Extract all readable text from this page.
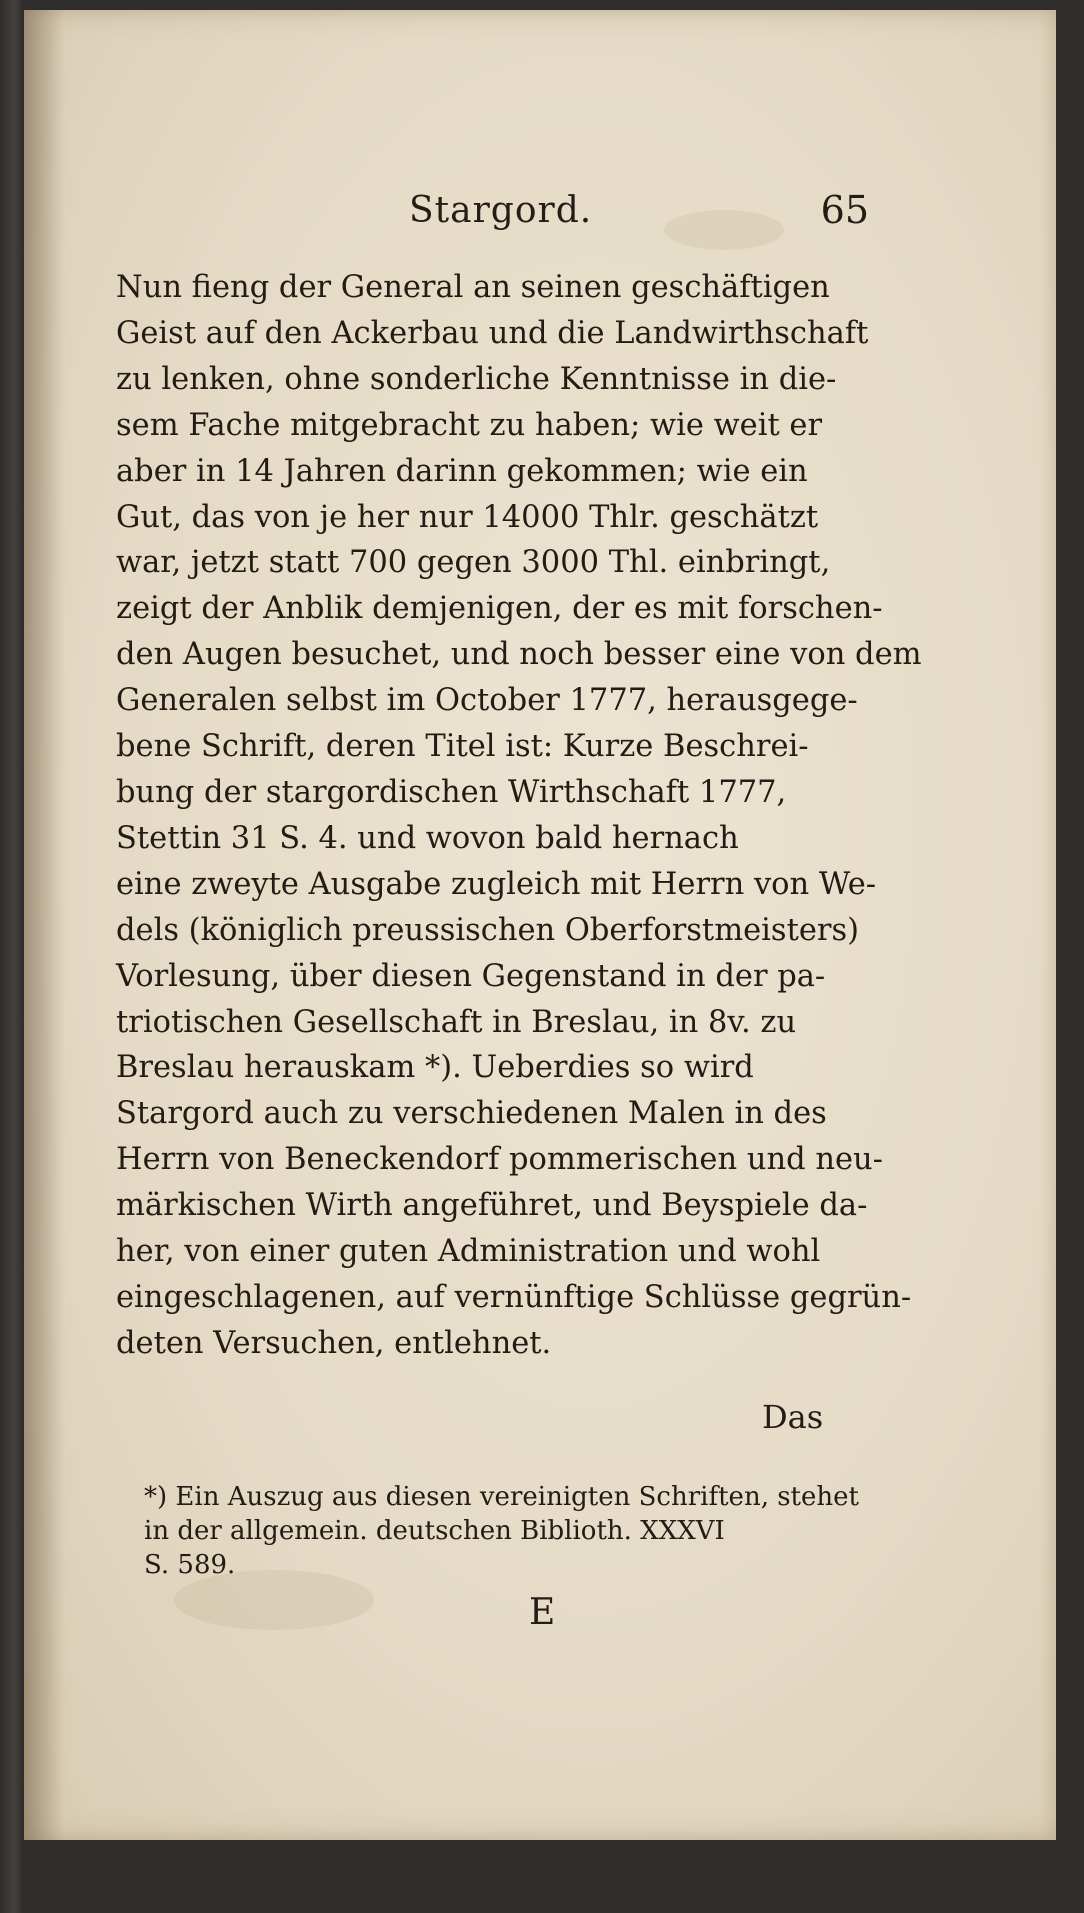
Stargord.	65
Nun fieng der General an seinen geschäftigen
Geist auf den Ackerbau und die Landwirthschaft
zu lenken, ohne sonderliche Kenntnisse in die-
sem Fache mitgebracht zu haben; wie weit er
aber in 14 Jahren darinn gekommen; wie ein
Gut, das von je her nur 14000 Thlr. geschätzt
war, jetzt statt 700 gegen 3000 Thl. einbringt,
zeigt der Anblik demjenigen, der es mit forschen-
den Augen besuchet, und noch besser eine von dem
Generalen selbst im October 1777, herausgege-
bene Schrift, deren Titel ist: Kurze Beschrei-
bung der stargordischen Wirthschaft 1777,
Stettin 31 S. 4. und wovon bald hernach
eine zweyte Ausgabe zugleich mit Herrn von We-
dels (königlich preussischen Oberforstmeisters)
Vorlesung, über diesen Gegenstand in der pa-
triotischen Gesellschaft in Breslau, in 8v. zu
Breslau herauskam *). Ueberdies so wird
Stargord auch zu verschiedenen Malen in des
Herrn von Beneckendorf pommerischen und neu-
märkischen Wirth angeführet, und Beyspiele da-
her, von einer guten Administration und wohl
eingeschlagenen, auf vernünftige Schlüsse gegrün-
deten Versuchen, entlehnet.
Das
*) Ein Auszug aus diesen vereinigten Schriften, stehet
in der allgemein. deutschen Biblioth. XXXVI
S. 589.
E
